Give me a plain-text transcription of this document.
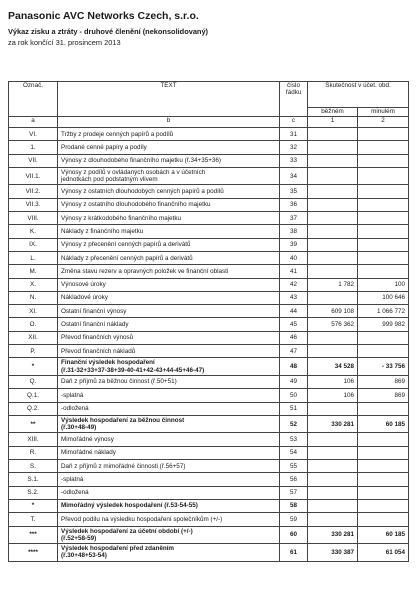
Panasonic AVC Networks Czech, s.r.o.
Výkaz zisku a ztráty - druhové členění (nekonsolidovaný)
za rok končící 31. prosincem 2013
Označ.	TEXT	číslo
řádku	Skutečnost v účet. obd.	

			běžném	minulém

a	b	c	1	2
VI.	Tržby z prodeje cenných papírů a podílů	31		
1.	Prodané cenné papíry a podíly	32		
VII.	Výnosy z dlouhodobého finančního majetku (ř.34+35+36)	33		
VII.1.	Výnosy z podílů v ovládaných osobách a v účetních
jednotkách pod podstatným vlivem	34		
VII.2.	Výnosy z ostatních dlouhodobých cenných papírů a podílů	35		
VII.3.	Výnosy z ostatního dlouhodobého finančního majetku	36		
VIII.	Výnosy z krátkodobého finančního majetku	37		
K.	Náklady z finančního majetku	38		
IX.	Výnosy z přecenění cenných papírů a derivátů	39		
L.	Náklady z přecenění cenných papírů a derivátů	40		
M.	Změna stavu rezerv a opravných položek ve finanční oblasti	41		
X.	Výnosové úroky	42	1 782	100
N.	Nákladové úroky	43		100 646
XI.	Ostatní finanční výnosy	44	609 108	1 066 772
O.	Ostatní finanční náklady	45	576 362	999 982
XII.	Převod finančních výnosů	46		
P.	Převod finančních nákladů	47		
*	Finanční výsledek hospodaření
(ř.31-32+33+37-38+39-40-41+42-43+44-45+46-47)	48	34 528	- 33 756
Q.	Daň z příjmů za běžnou činnost (ř.50+51)	49	106	869
Q.1.	-splatná	50	106	869
Q.2.	-odložená	51		
**	Výsledek hospodaření za běžnou činnost
(ř.30+48-49)	52	330 281	60 185
XIII.	Mimořádné výnosy	53		
R.	Mimořádné náklady	54		
S.	Daň z příjmů z mimořádné činnosti (ř.56+57)	55		
S.1.	-splatná	56		
S.2.	-odložená	57		
*	Mimořádný výsledek hospodaření (ř.53-54-55)	58		
T.	Převod podílu na výsledku hospodaření společníkům (+/-)	59		
***	Výsledek hospodaření za účetní období (+/-)
(ř.52+58-59)	60	330 281	60 185
****	Výsledek hospodaření před zdaněním
(ř.30+48+53-54)	61	330 387	61 054
